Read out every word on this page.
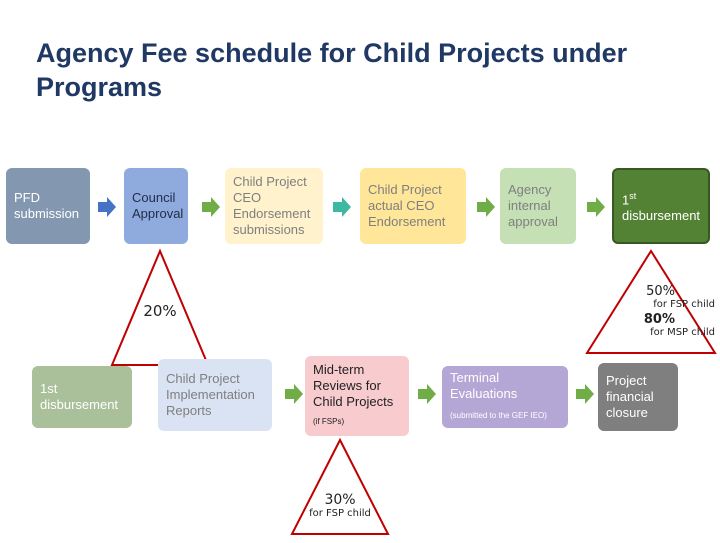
Agency Fee schedule for Child Projects under Programs
PFD submission
Council Approval
Child Project CEO Endorsement submissions
Child Project actual CEO Endorsement
Agency internal approval
1st disbursement
20%
50%
for FSP child
80%
for MSP child
1st disbursement
Child Project Implementation Reports
Mid-term Reviews for Child Projects
(if FSPs)
Terminal Evaluations
(submitted to the GEF IEO)
Project financial closure
30%
for FSP child
